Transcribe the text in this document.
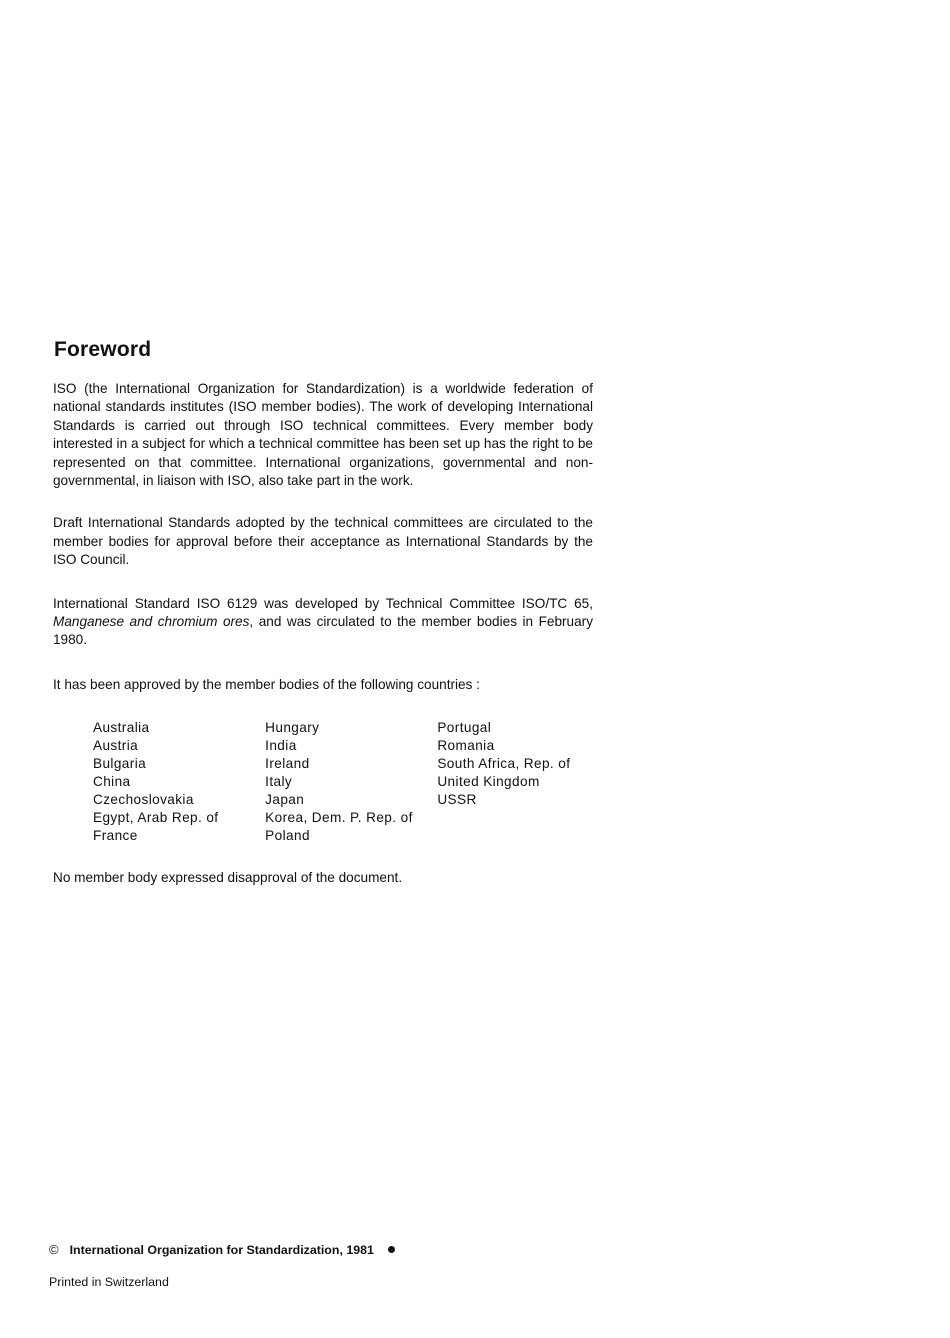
Foreword

ISO (the International Organization for Standardization) is a worldwide federation of national standards institutes (ISO member bodies). The work of developing International Standards is carried out through ISO technical committees. Every member body interested in a subject for which a technical committee has been set up has the right to be represented on that committee. International organizations, governmental and non-governmental, in liaison with ISO, also take part in the work.

Draft International Standards adopted by the technical committees are circulated to the member bodies for approval before their acceptance as International Standards by the ISO Council.

International Standard ISO 6129 was developed by Technical Committee ISO/TC 65, Manganese and chromium ores, and was circulated to the member bodies in February 1980.

It has been approved by the member bodies of the following countries :

Australia
Austria
Bulgaria
China
Czechoslovakia
Egypt, Arab Rep. of
France
Hungary
India
Ireland
Italy
Japan
Korea, Dem. P. Rep. of
Poland
Portugal
Romania
South Africa, Rep. of
United Kingdom
USSR

No member body expressed disapproval of the document.

© International Organization for Standardization, 1981
Printed in Switzerland
